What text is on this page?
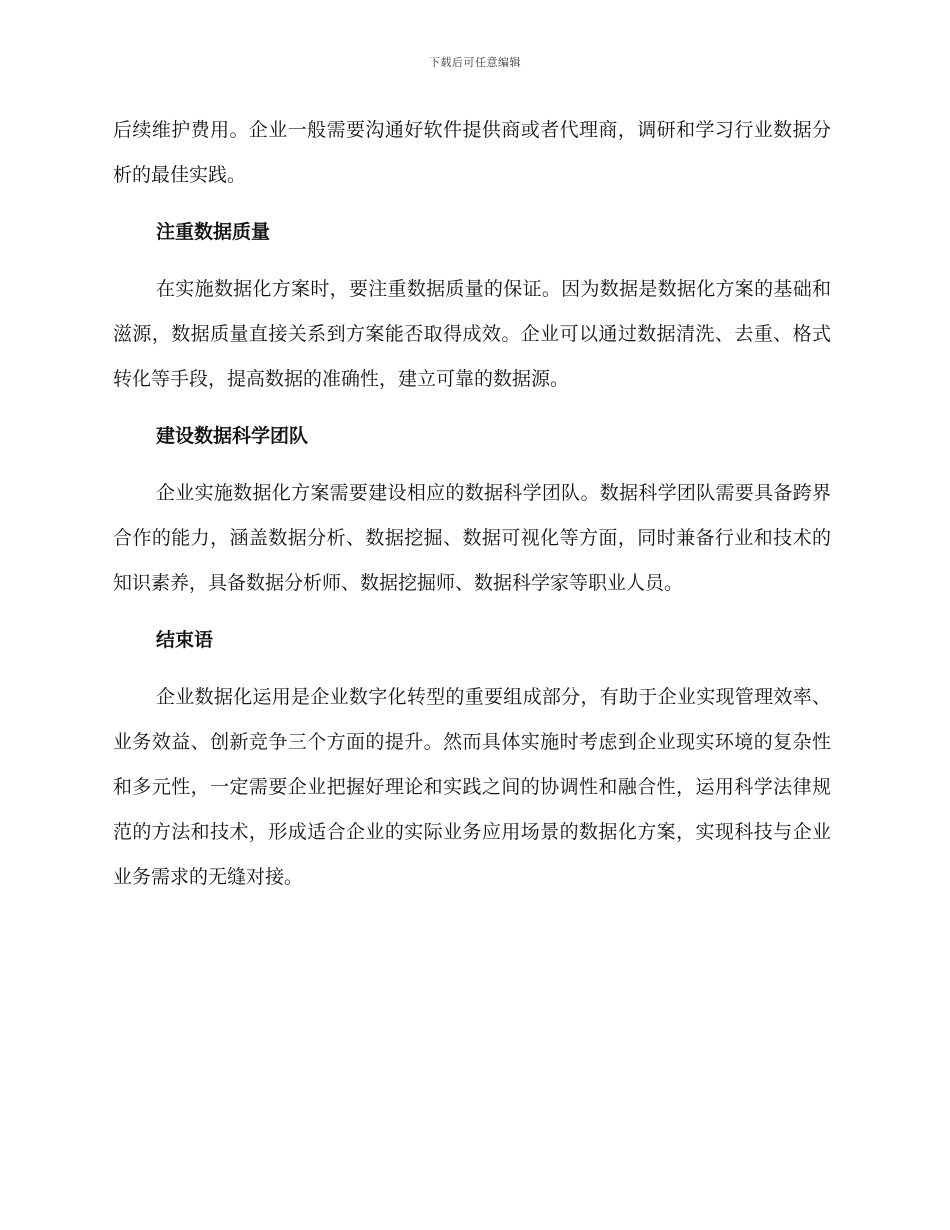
下载后可任意编辑

后续维护费用。企业一般需要沟通好软件提供商或者代理商，调研和学习行业数据分析的最佳实践。

注重数据质量

在实施数据化方案时，要注重数据质量的保证。因为数据是数据化方案的基础和滋源，数据质量直接关系到方案能否取得成效。企业可以通过数据清洗、去重、格式转化等手段，提高数据的准确性，建立可靠的数据源。

建设数据科学团队

企业实施数据化方案需要建设相应的数据科学团队。数据科学团队需要具备跨界合作的能力，涵盖数据分析、数据挖掘、数据可视化等方面，同时兼备行业和技术的知识素养，具备数据分析师、数据挖掘师、数据科学家等职业人员。

结束语

企业数据化运用是企业数字化转型的重要组成部分，有助于企业实现管理效率、业务效益、创新竞争三个方面的提升。然而具体实施时考虑到企业现实环境的复杂性和多元性，一定需要企业把握好理论和实践之间的协调性和融合性，运用科学法律规范的方法和技术，形成适合企业的实际业务应用场景的数据化方案，实现科技与企业业务需求的无缝对接。
